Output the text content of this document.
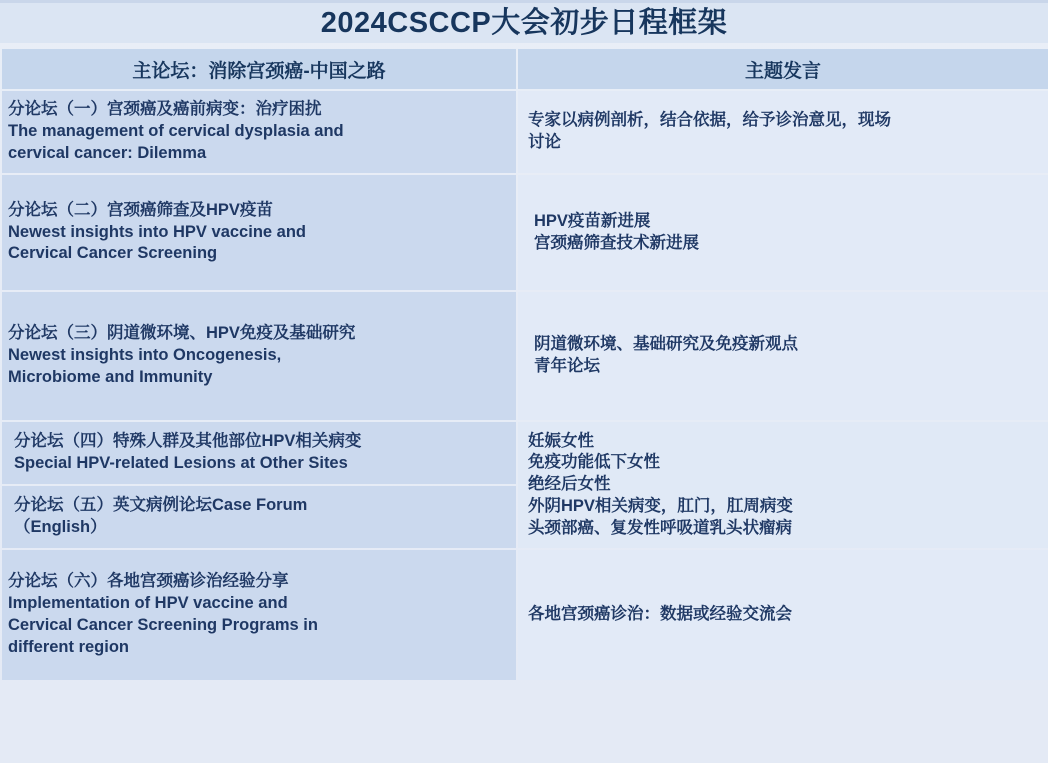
2024CSCCP大会初步日程框架
主论坛：消除宫颈癌-中国之路	主题发言

分论坛（一）宫颈癌及癌前病变：治疗困扰
The management of cervical dysplasia and
cervical cancer: Dilemma	专家以病例剖析，结合依据，给予诊治意见，现场
讨论

分论坛（二）宫颈癌筛查及HPV疫苗
Newest insights into HPV vaccine and
Cervical Cancer Screening	HPV疫苗新进展
宫颈癌筛查技术新进展

分论坛（三）阴道微环境、HPV免疫及基础研究
Newest insights into Oncogenesis,
Microbiome and Immunity	阴道微环境、基础研究及免疫新观点
青年论坛

分论坛（四）特殊人群及其他部位HPV相关病变
Special HPV-related Lesions at Other Sites	妊娠女性
免疫功能低下女性
绝经后女性
外阴HPV相关病变，肛门，肛周病变
头颈部癌、复发性呼吸道乳头状瘤病

分论坛（五）英文病例论坛Case Forum
（English）	

分论坛（六）各地宫颈癌诊治经验分享
Implementation of HPV vaccine and
Cervical Cancer Screening Programs in
different region	各地宫颈癌诊治：数据或经验交流会
